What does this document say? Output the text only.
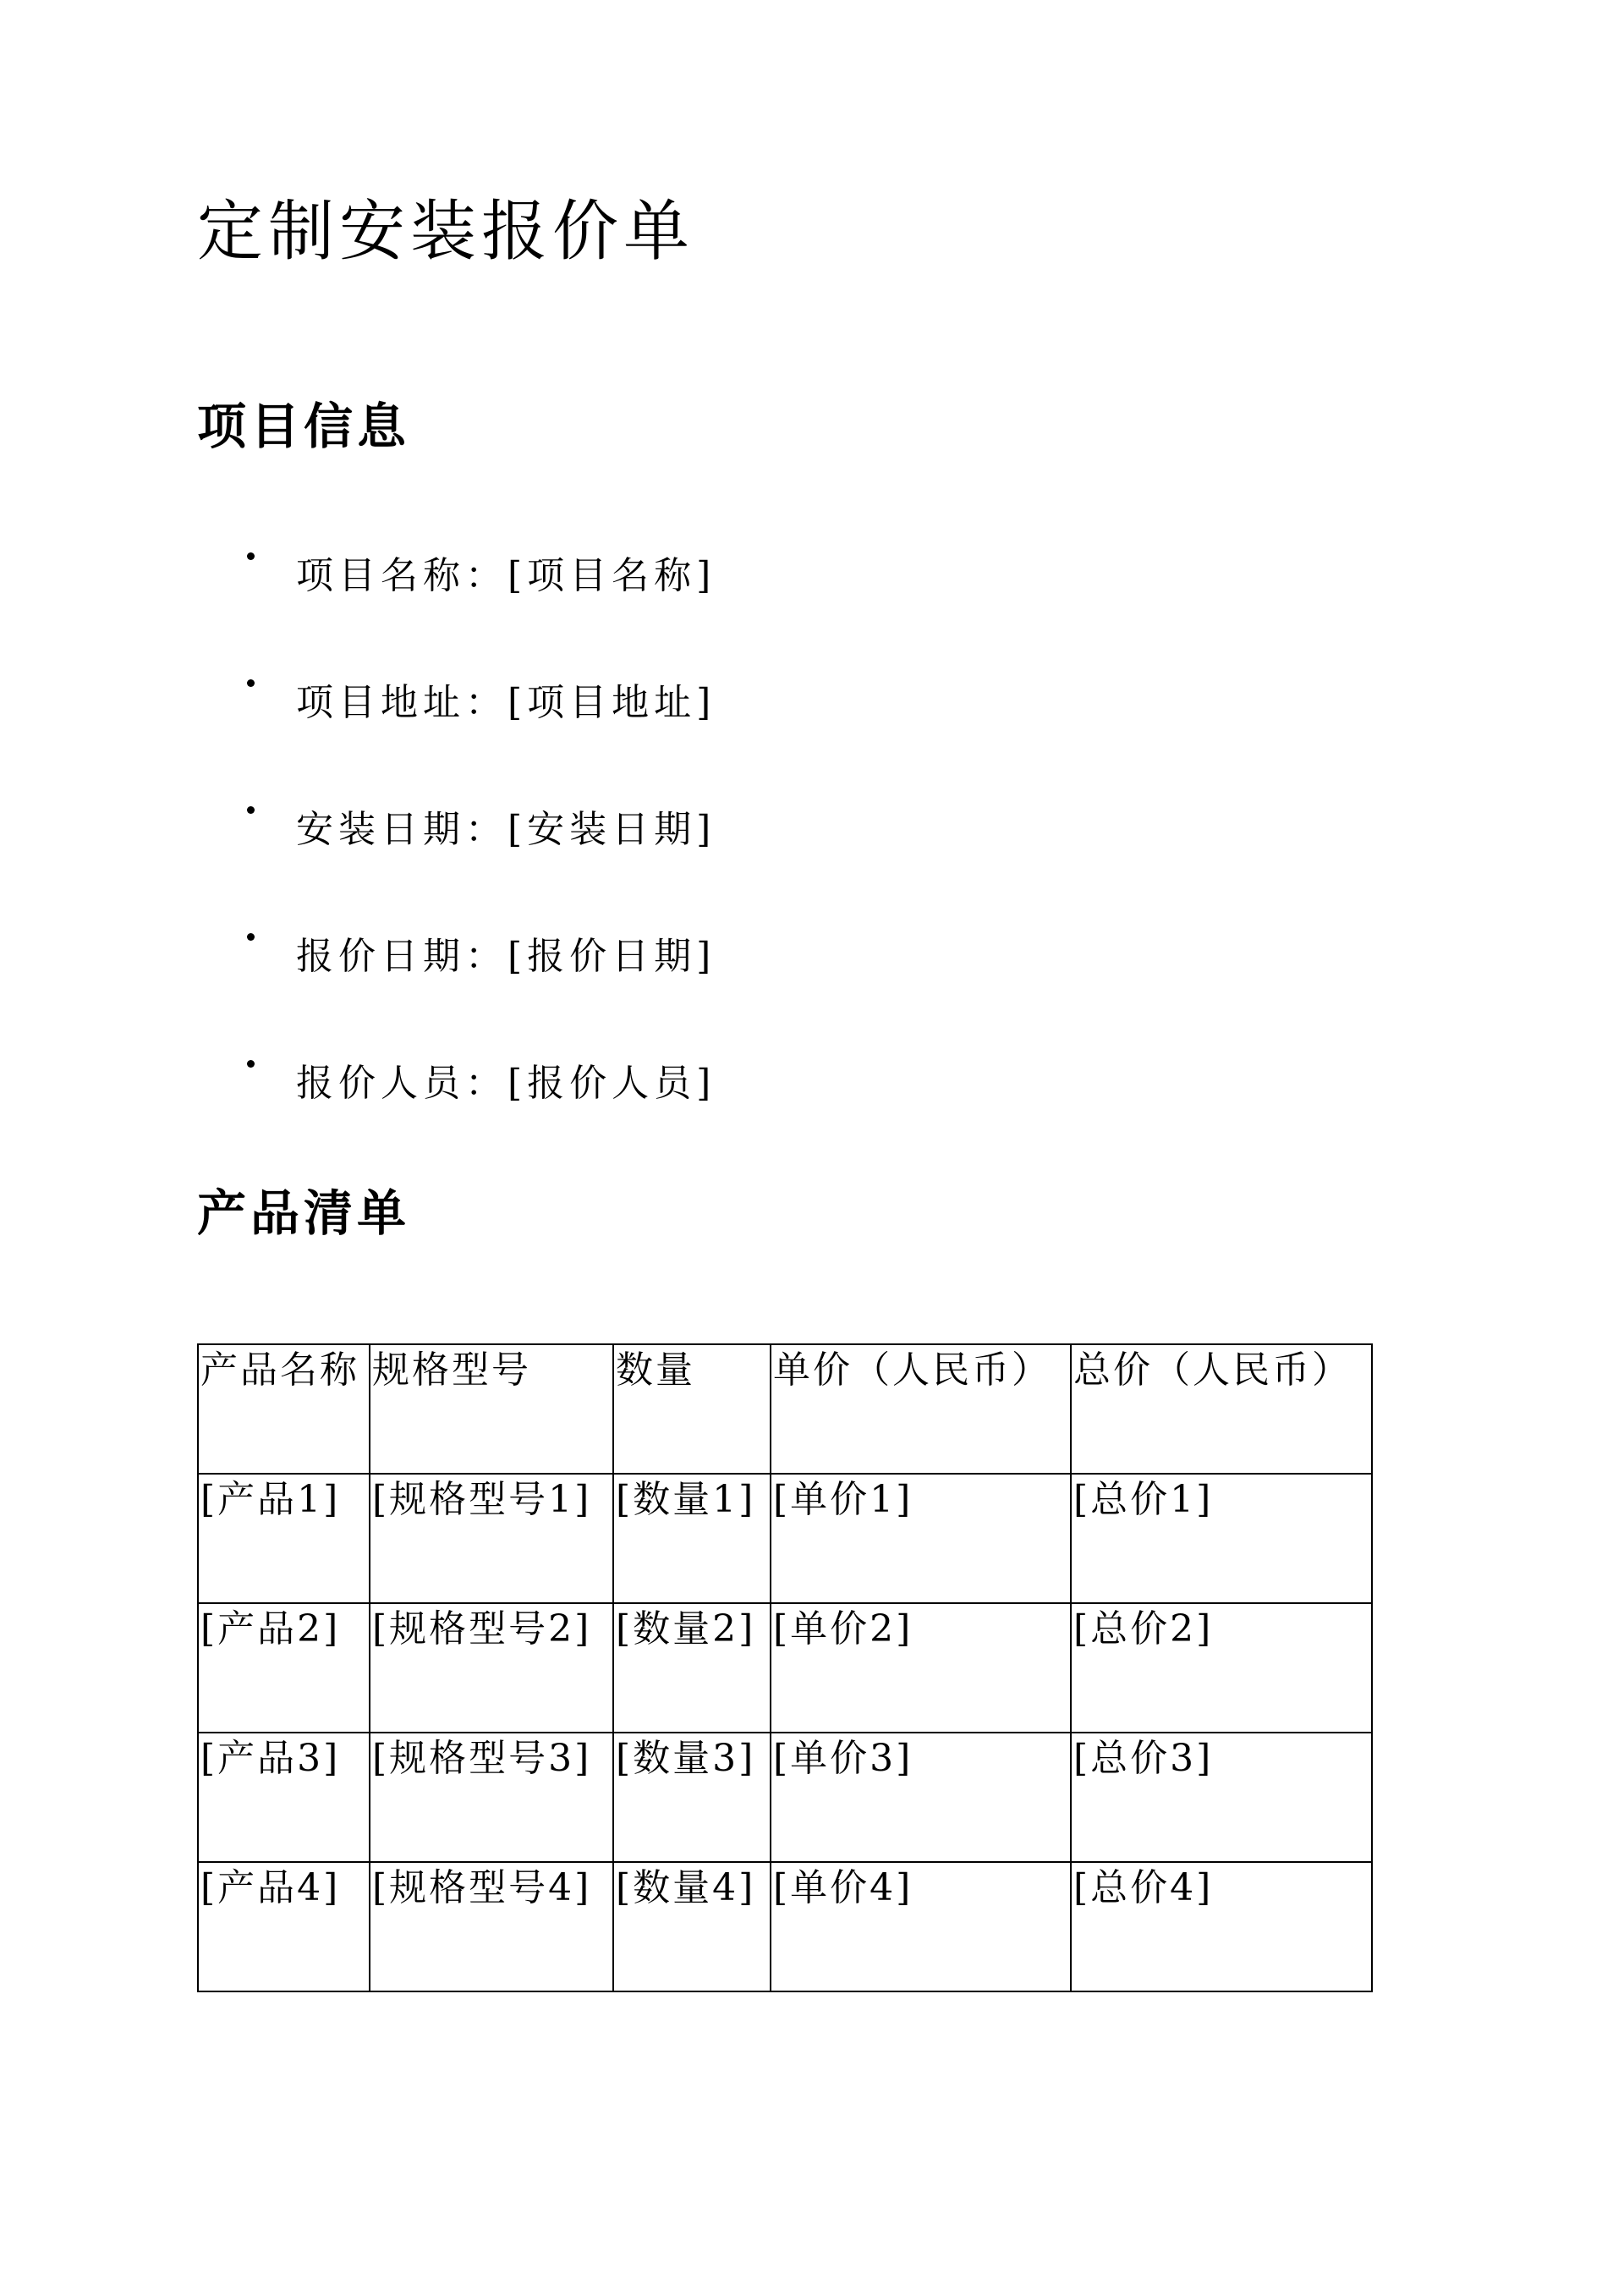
定制安装报价单
项目信息
项目名称：[项目名称]
项目地址：[项目地址]
安装日期：[安装日期]
报价日期：[报价日期]
报价人员：[报价人员]
产品清单
产品名称	规格型号	数量	单价（人民币）	总价（人民币）
[产品1]	[规格型号1]	[数量1]	[单价1]	[总价1]
[产品2]	[规格型号2]	[数量2]	[单价2]	[总价2]
[产品3]	[规格型号3]	[数量3]	[单价3]	[总价3]
[产品4]	[规格型号4]	[数量4]	[单价4]	[总价4]
